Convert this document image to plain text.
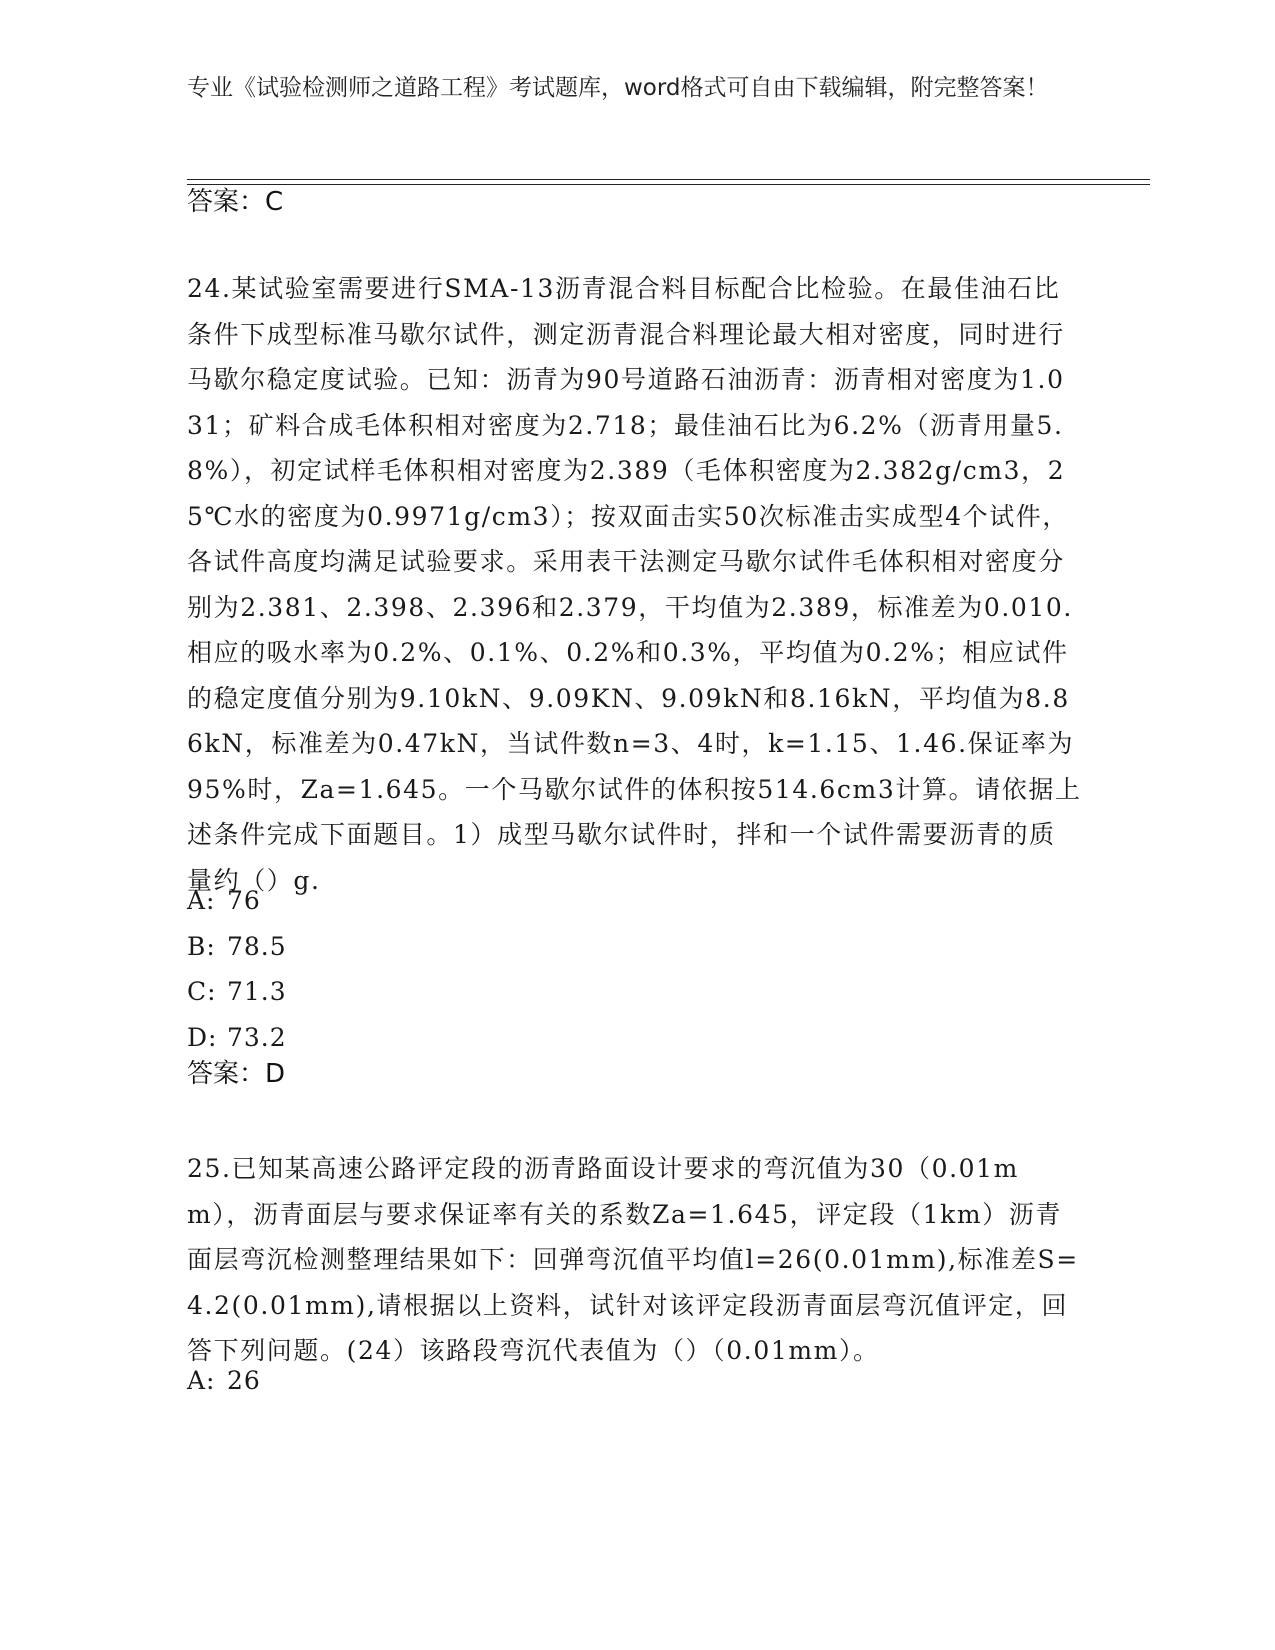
专业《试验检测师之道路工程》考试题库，word格式可自由下载编辑，附完整答案！
答案：C
24.某试验室需要进行SMA-13沥青混合料目标配合比检验。在最佳油石比条件下成型标准马歇尔试件，测定沥青混合料理论最大相对密度，同时进行马歇尔稳定度试验。已知：沥青为90号道路石油沥青：沥青相对密度为1.031；矿料合成毛体积相对密度为2.718；最佳油石比为6.2%（沥青用量5.8%），初定试样毛体积相对密度为2.389（毛体积密度为2.382g/cm3，25℃水的密度为0.9971g/cm3）；按双面击实50次标准击实成型4个试件，各试件高度均满足试验要求。采用表干法测定马歇尔试件毛体积相对密度分别为2.381、2.398、2.396和2.379，干均值为2.389，标准差为0.010.相应的吸水率为0.2%、0.1%、0.2%和0.3%，平均值为0.2%；相应试件的稳定度值分别为9.10kN、9.09KN、9.09kN和8.16kN，平均值为8.86kN，标准差为0.47kN，当试件数n=3、4时，k=1.15、1.46.保证率为95%时，Za=1.645。一个马歇尔试件的体积按514.6cm3计算。请依据上述条件完成下面题目。1）成型马歇尔试件时，拌和一个试件需要沥青的质量约（）g.
A: 76
B: 78.5
C: 71.3
D: 73.2
答案：D
25.已知某高速公路评定段的沥青路面设计要求的弯沉值为30（0.01mm），沥青面层与要求保证率有关的系数Za=1.645，评定段（1km）沥青面层弯沉检测整理结果如下：回弹弯沉值平均值l=26(0.01mm),标准差S=4.2(0.01mm),请根据以上资料，试针对该评定段沥青面层弯沉值评定，回答下列问题。(24）该路段弯沉代表值为（）（0.01mm）。
A: 26
